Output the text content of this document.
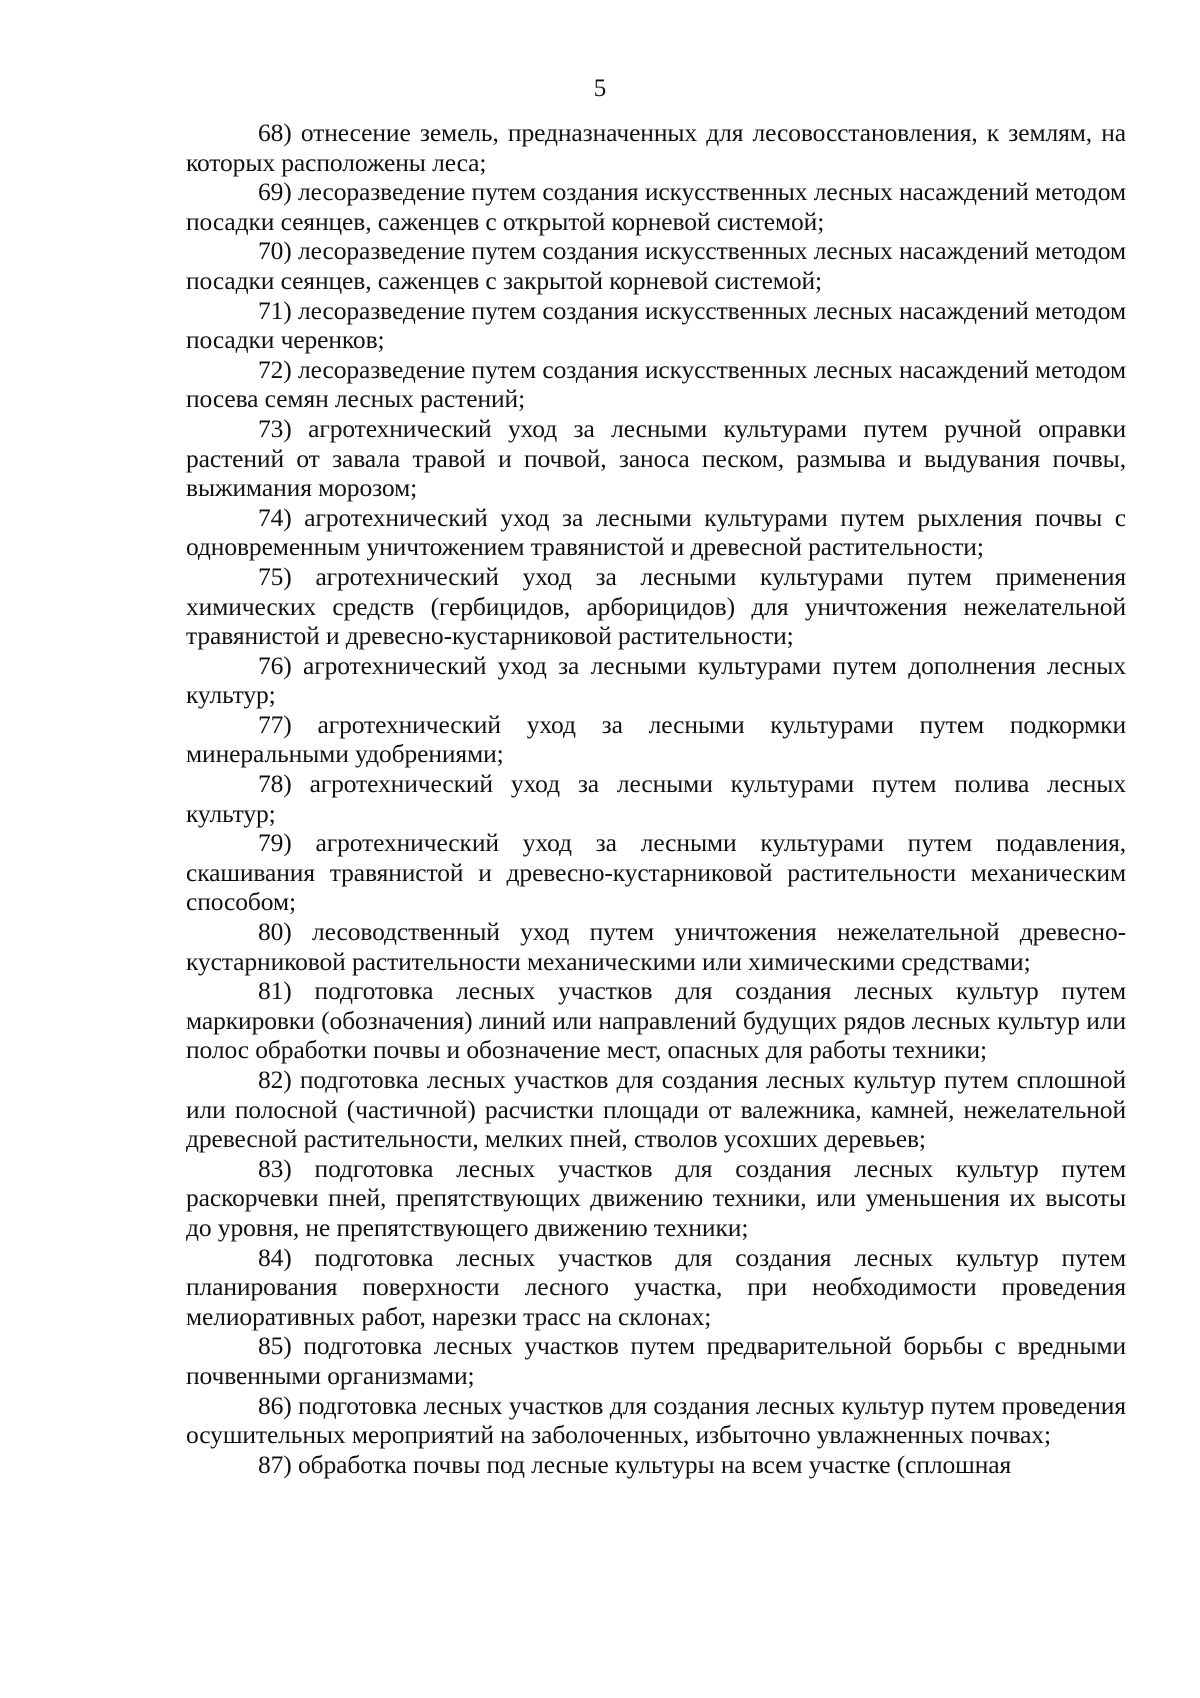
5

68) отнесение земель, предназначенных для лесовосстановления, к землям, на которых расположены леса;

69) лесоразведение путем создания искусственных лесных насаждений методом посадки сеянцев, саженцев с открытой корневой системой;

70) лесоразведение путем создания искусственных лесных насаждений методом посадки сеянцев, саженцев с закрытой корневой системой;

71) лесоразведение путем создания искусственных лесных насаждений методом посадки черенков;

72) лесоразведение путем создания искусственных лесных насаждений методом посева семян лесных растений;

73) агротехнический уход за лесными культурами путем ручной оправки растений от завала травой и почвой, заноса песком, размыва и выдувания почвы, выжимания морозом;

74) агротехнический уход за лесными культурами путем рыхления почвы с одновременным уничтожением травянистой и древесной растительности;

75) агротехнический уход за лесными культурами путем применения химических средств (гербицидов, арборицидов) для уничтожения нежелательной травянистой и древесно-кустарниковой растительности;

76) агротехнический уход за лесными культурами путем дополнения лесных культур;

77) агротехнический уход за лесными культурами путем подкормки минеральными удобрениями;

78) агротехнический уход за лесными культурами путем полива лесных культур;

79) агротехнический уход за лесными культурами путем подавления, скашивания травянистой и древесно-кустарниковой растительности механическим способом;

80) лесоводственный уход путем уничтожения нежелательной древесно-кустарниковой растительности механическими или химическими средствами;

81) подготовка лесных участков для создания лесных культур путем маркировки (обозначения) линий или направлений будущих рядов лесных культур или полос обработки почвы и обозначение мест, опасных для работы техники;

82) подготовка лесных участков для создания лесных культур путем сплошной или полосной (частичной) расчистки площади от валежника, камней, нежелательной древесной растительности, мелких пней, стволов усохших деревьев;

83) подготовка лесных участков для создания лесных культур путем раскорчевки пней, препятствующих движению техники, или уменьшения их высоты до уровня, не препятствующего движению техники;

84) подготовка лесных участков для создания лесных культур путем планирования поверхности лесного участка, при необходимости проведения мелиоративных работ, нарезки трасс на склонах;

85) подготовка лесных участков путем предварительной борьбы с вредными почвенными организмами;

86) подготовка лесных участков для создания лесных культур путем проведения осушительных мероприятий на заболоченных, избыточно увлажненных почвах;

87) обработка почвы под лесные культуры на всем участке (сплошная
